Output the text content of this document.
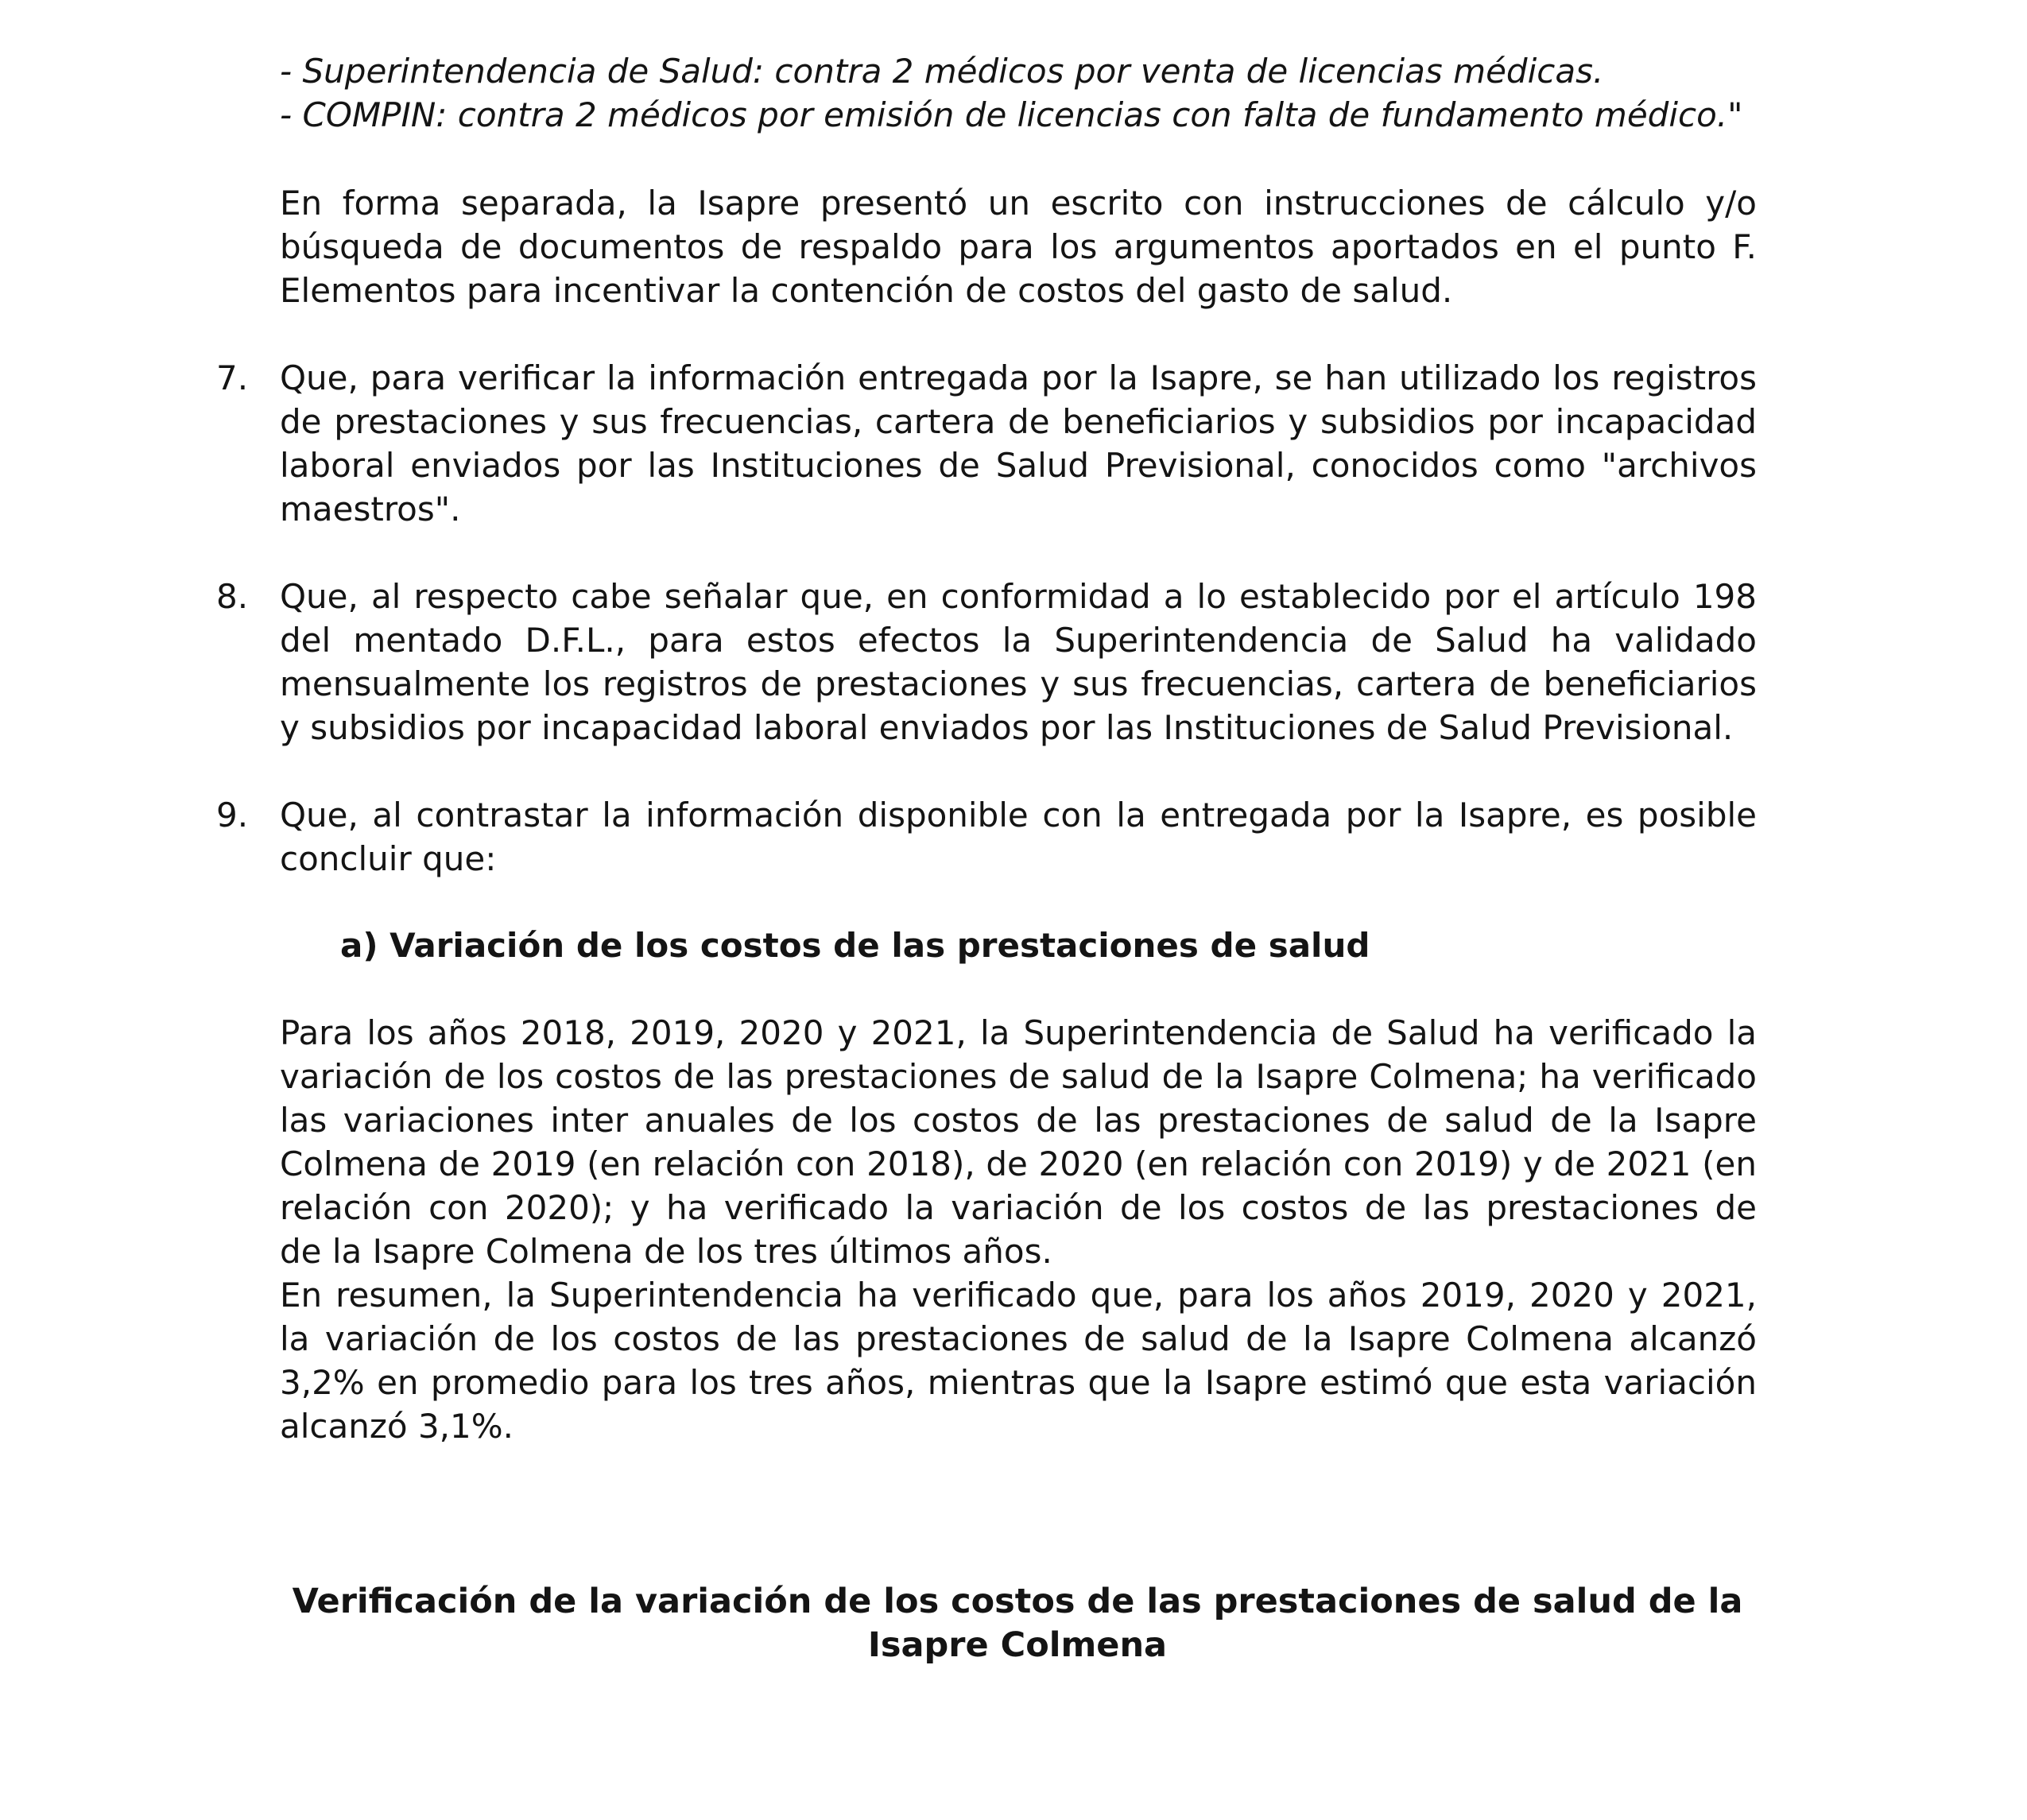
- Superintendencia de Salud: contra 2 médicos por venta de licencias médicas.
- COMPIN: contra 2 médicos por emisión de licencias con falta de fundamento médico."
En forma separada, la Isapre presentó un escrito con instrucciones de cálculo y/o
búsqueda de documentos de respaldo para los argumentos aportados en el punto F.
Elementos para incentivar la contención de costos del gasto de salud.
7. Que, para verificar la información entregada por la Isapre, se han utilizado los registros
de prestaciones y sus frecuencias, cartera de beneficiarios y subsidios por incapacidad
laboral enviados por las Instituciones de Salud Previsional, conocidos como "archivos
maestros".
8. Que, al respecto cabe señalar que, en conformidad a lo establecido por el artículo 198
del mentado D.F.L., para estos efectos la Superintendencia de Salud ha validado
mensualmente los registros de prestaciones y sus frecuencias, cartera de beneficiarios
y subsidios por incapacidad laboral enviados por las Instituciones de Salud Previsional.
9. Que, al contrastar la información disponible con la entregada por la Isapre, es posible
concluir que:
a) Variación de los costos de las prestaciones de salud
Para los años 2018, 2019, 2020 y 2021, la Superintendencia de Salud ha verificado la
variación de los costos de las prestaciones de salud de la Isapre Colmena; ha verificado
las variaciones inter anuales de los costos de las prestaciones de salud de la Isapre
Colmena de 2019 (en relación con 2018), de 2020 (en relación con 2019) y de 2021 (en
relación con 2020); y ha verificado la variación de los costos de las prestaciones de
de la Isapre Colmena de los tres últimos años.
En resumen, la Superintendencia ha verificado que, para los años 2019, 2020 y 2021,
la variación de los costos de las prestaciones de salud de la Isapre Colmena alcanzó
3,2% en promedio para los tres años, mientras que la Isapre estimó que esta variación
alcanzó 3,1%.
Verificación de la variación de los costos de las prestaciones de salud de la
Isapre Colmena
